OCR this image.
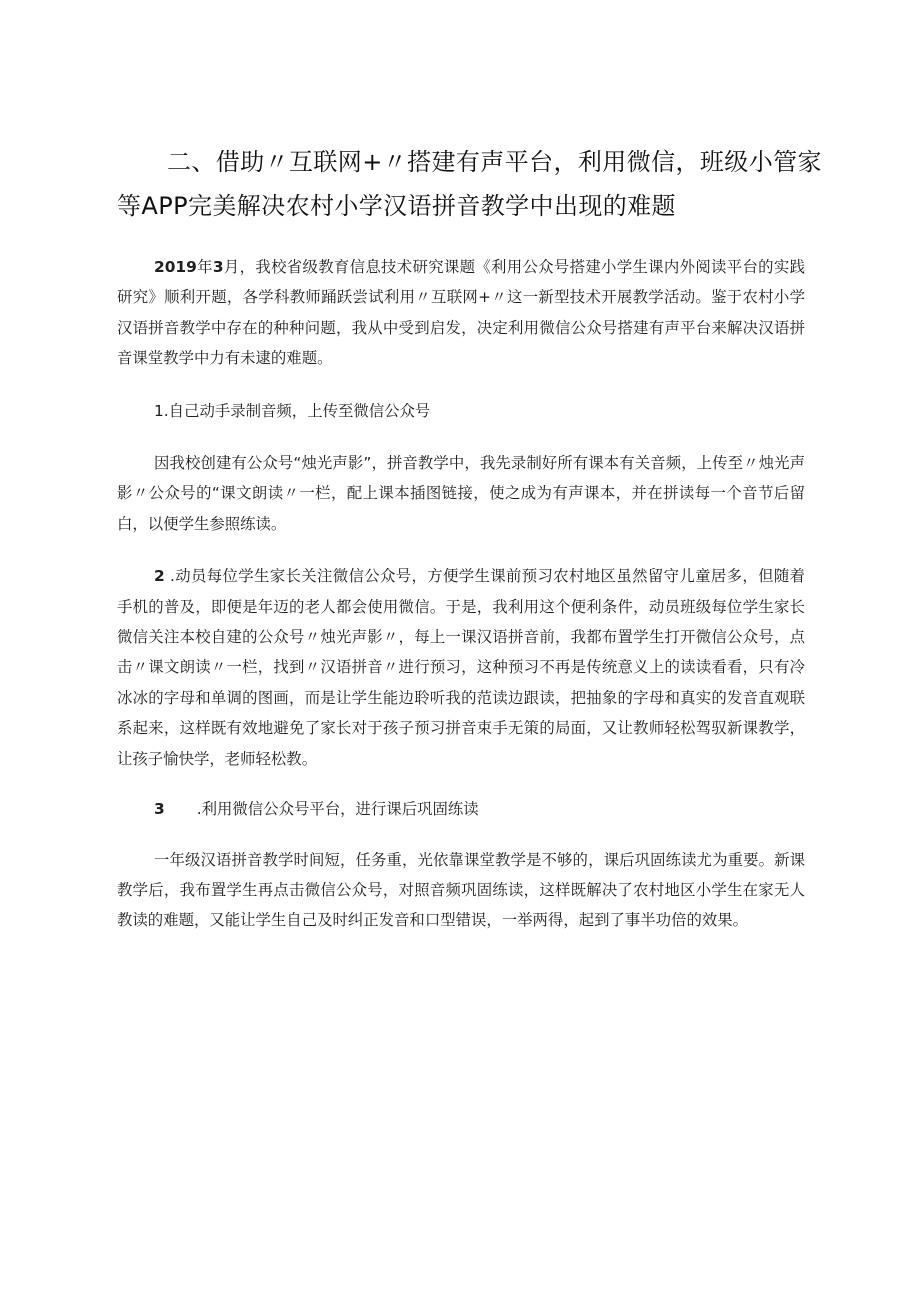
二、借助〃互联网+〃搭建有声平台，利用微信，班级小管家
等APP完美解决农村小学汉语拼音教学中出现的难题

2019年3月，我校省级教育信息技术研究课题《利用公众号搭建小学生课内外阅读平台的实践研究》顺利开题，各学科教师踊跃尝试利用〃互联网+〃这一新型技术开展教学活动。鉴于农村小学汉语拼音教学中存在的种种问题，我从中受到启发，决定利用微信公众号搭建有声平台来解决汉语拼音课堂教学中力有未逮的难题。

1.自己动手录制音频，上传至微信公众号

因我校创建有公众号“烛光声影”，拼音教学中，我先录制好所有课本有关音频，上传至〃烛光声影〃公众号的“课文朗读〃一栏，配上课本插图链接，使之成为有声课本，并在拼读每一个音节后留白，以便学生参照练读。

2 .动员每位学生家长关注微信公众号，方便学生课前预习农村地区虽然留守儿童居多，但随着手机的普及，即便是年迈的老人都会使用微信。于是，我利用这个便利条件，动员班级每位学生家长微信关注本校自建的公众号〃烛光声影〃，每上一课汉语拼音前，我都布置学生打开微信公众号，点击〃课文朗读〃一栏，找到〃汉语拼音〃进行预习，这种预习不再是传统意义上的读读看看，只有冷冰冰的字母和单调的图画，而是让学生能边聆听我的范读边跟读，把抽象的字母和真实的发音直观联系起来，这样既有效地避免了家长对于孩子预习拼音束手无策的局面，又让教师轻松驾驭新课教学，让孩子愉快学，老师轻松教。

3 .利用微信公众号平台，进行课后巩固练读

一年级汉语拼音教学时间短，任务重，光依靠课堂教学是不够的，课后巩固练读尤为重要。新课教学后，我布置学生再点击微信公众号，对照音频巩固练读，这样既解决了农村地区小学生在家无人教读的难题，又能让学生自己及时纠正发音和口型错误，一举两得，起到了事半功倍的效果。
